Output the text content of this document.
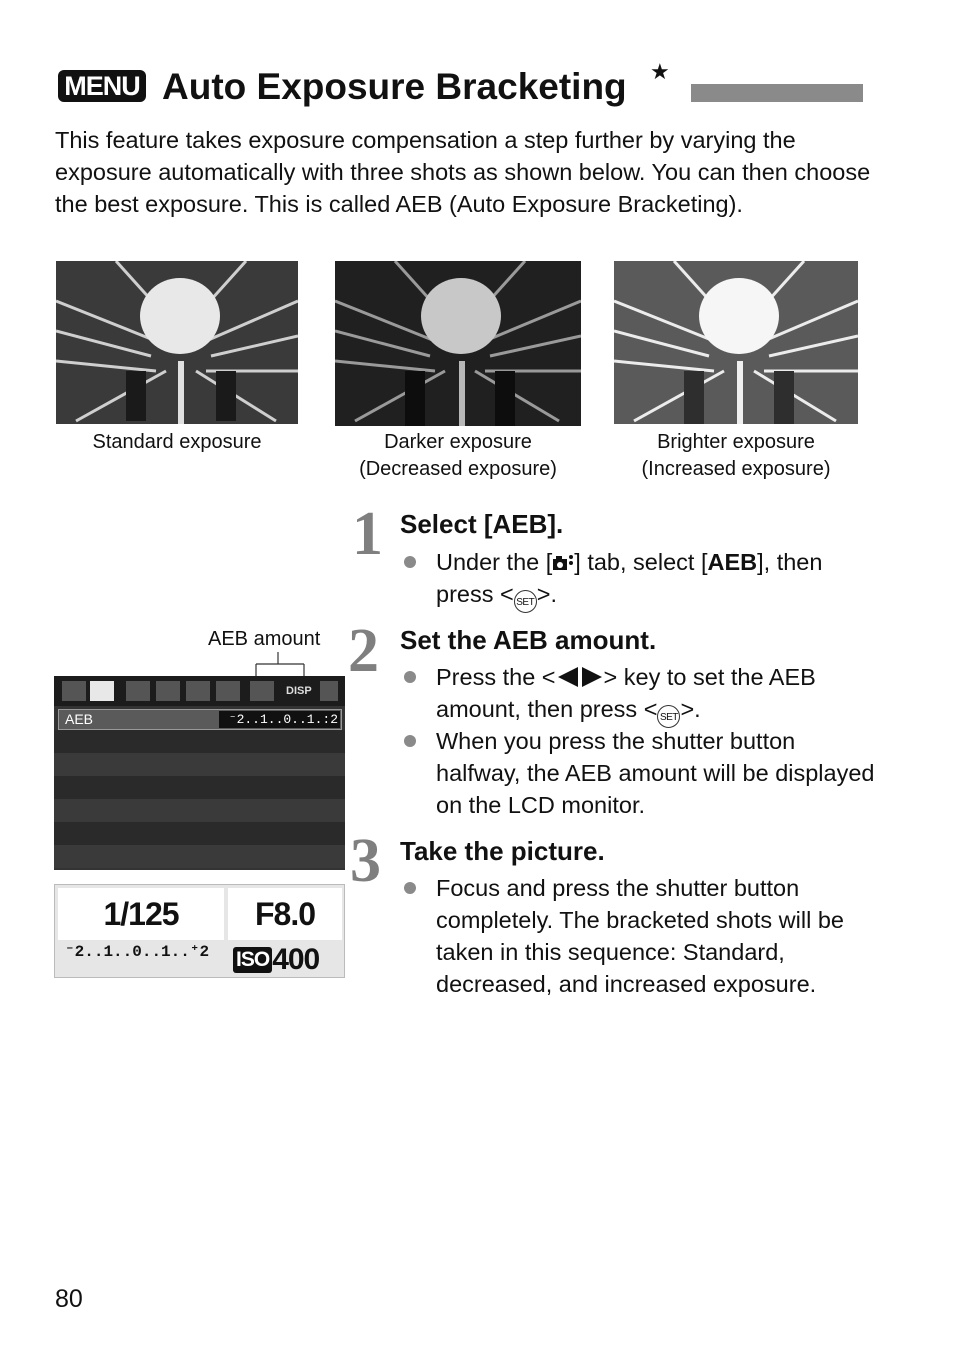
MENU Auto Exposure Bracketing ★
This feature takes exposure compensation a step further by varying the exposure automatically with three shots as shown below. You can then choose the best exposure. This is called AEB (Auto Exposure Bracketing).
Standard exposure	Darker exposure
(Decreased exposure)
Brighter exposure
(Increased exposure)
1 Select [AEB].
Under the [ ] tab, select [AEB], then press < SET >.
2 Set the AEB amount.
Press the < > key to set the AEB amount, then press < SET >.
When you press the shutter button halfway, the AEB amount will be displayed on the LCD monitor.
3 Take the picture.
Focus and press the shutter button completely. The bracketed shots will be taken in this sequence: Standard, decreased, and increased exposure.
AEB amount
DISP
AEB	⁻2..1..0..1.:2
1/125	F8.0
⁻2..1..0..1..⁺2 ISO 400
80
